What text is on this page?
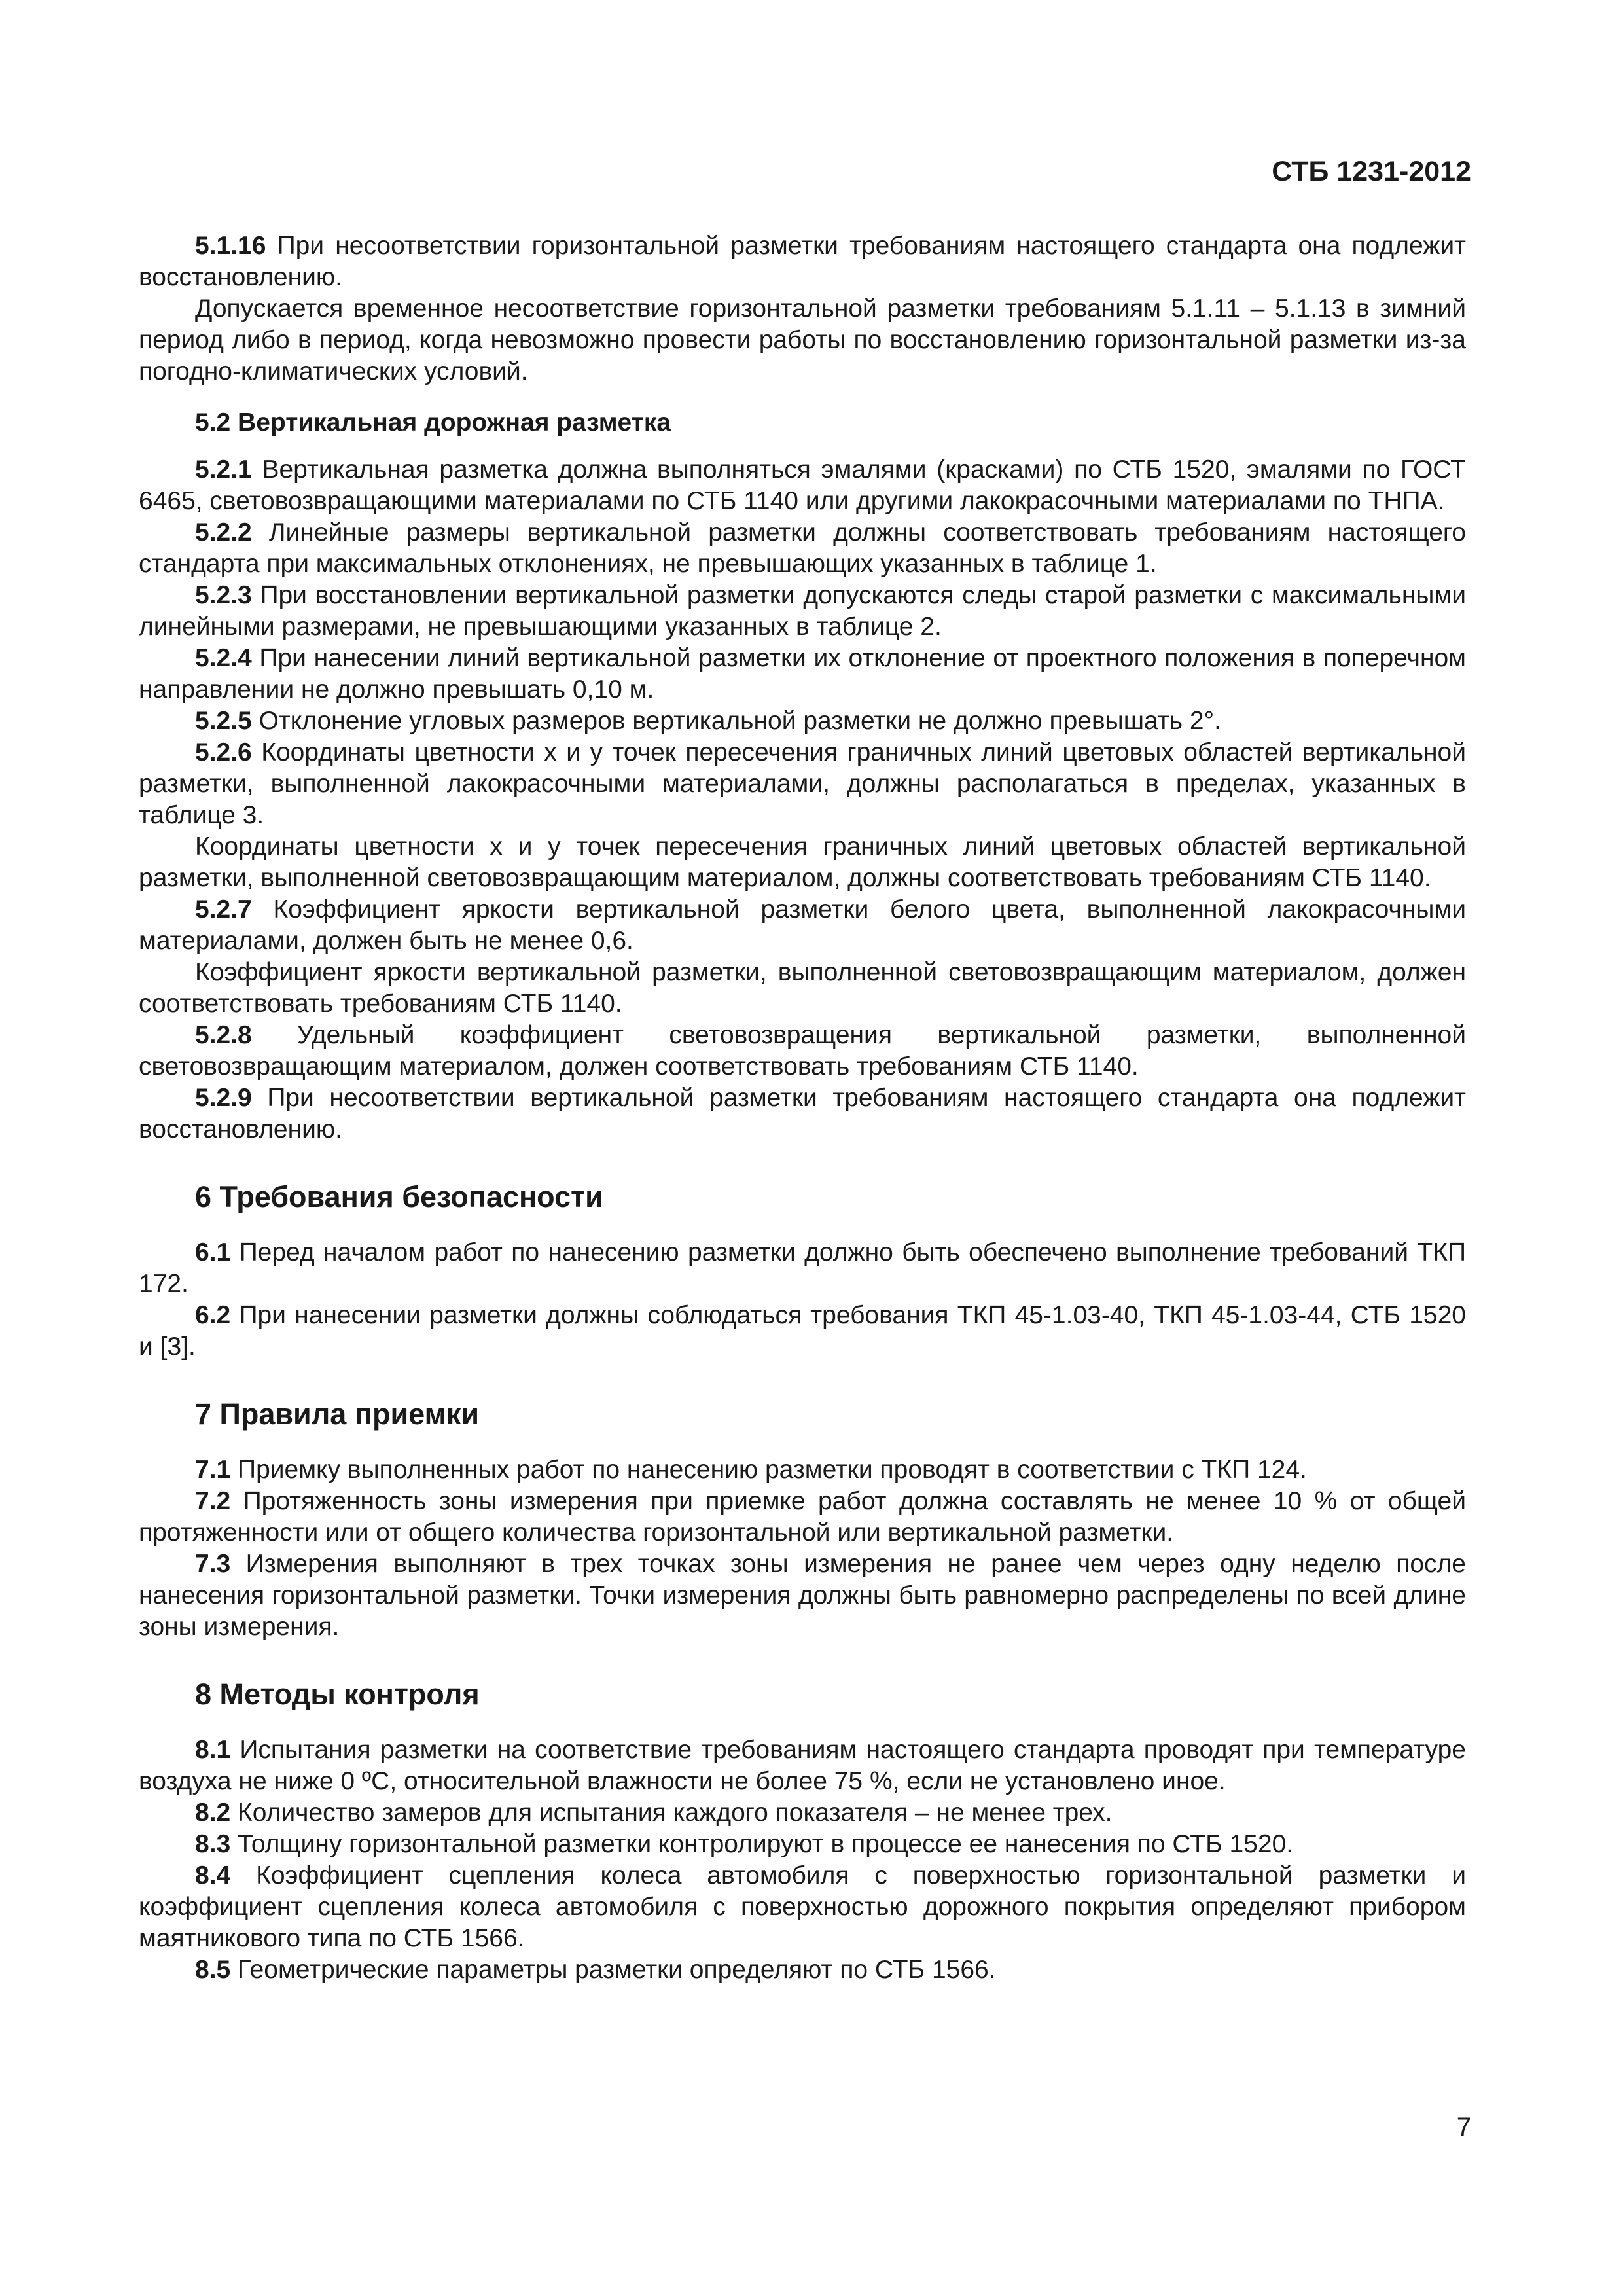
СТБ 1231-2012

5.1.16 При несоответствии горизонтальной разметки требованиям настоящего стандарта она подлежит восстановлению.

Допускается временное несоответствие горизонтальной разметки требованиям 5.1.11 – 5.1.13 в зимний период либо в период, когда невозможно провести работы по восстановлению горизонтальной разметки из-за погодно-климатических условий.

5.2 Вертикальная дорожная разметка

5.2.1 Вертикальная разметка должна выполняться эмалями (красками) по СТБ 1520, эмалями по ГОСТ 6465, световозвращающими материалами по СТБ 1140 или другими лакокрасочными материалами по ТНПА.

5.2.2 Линейные размеры вертикальной разметки должны соответствовать требованиям настоящего стандарта при максимальных отклонениях, не превышающих указанных в таблице 1.

5.2.3 При восстановлении вертикальной разметки допускаются следы старой разметки с максимальными линейными размерами, не превышающими указанных в таблице 2.

5.2.4 При нанесении линий вертикальной разметки их отклонение от проектного положения в поперечном направлении не должно превышать 0,10 м.

5.2.5 Отклонение угловых размеров вертикальной разметки не должно превышать 2°.

5.2.6 Координаты цветности x и y точек пересечения граничных линий цветовых областей вертикальной разметки, выполненной лакокрасочными материалами, должны располагаться в пределах, указанных в таблице 3.

Координаты цветности x и y точек пересечения граничных линий цветовых областей вертикальной разметки, выполненной световозвращающим материалом, должны соответствовать требованиям СТБ 1140.

5.2.7 Коэффициент яркости вертикальной разметки белого цвета, выполненной лакокрасочными материалами, должен быть не менее 0,6.

Коэффициент яркости вертикальной разметки, выполненной световозвращающим материалом, должен соответствовать требованиям СТБ 1140.

5.2.8 Удельный коэффициент световозвращения вертикальной разметки, выполненной световозвращающим материалом, должен соответствовать требованиям СТБ 1140.

5.2.9 При несоответствии вертикальной разметки требованиям настоящего стандарта она подлежит восстановлению.

6 Требования безопасности

6.1 Перед началом работ по нанесению разметки должно быть обеспечено выполнение требований ТКП 172.

6.2 При нанесении разметки должны соблюдаться требования ТКП 45-1.03-40, ТКП 45-1.03-44, СТБ 1520 и [3].

7 Правила приемки

7.1 Приемку выполненных работ по нанесению разметки проводят в соответствии с ТКП 124.

7.2 Протяженность зоны измерения при приемке работ должна составлять не менее 10 % от общей протяженности или от общего количества горизонтальной или вертикальной разметки.

7.3 Измерения выполняют в трех точках зоны измерения не ранее чем через одну неделю после нанесения горизонтальной разметки. Точки измерения должны быть равномерно распределены по всей длине зоны измерения.

8 Методы контроля

8.1 Испытания разметки на соответствие требованиям настоящего стандарта проводят при температуре воздуха не ниже 0 ºС, относительной влажности не более 75 %, если не установлено иное.

8.2 Количество замеров для испытания каждого показателя – не менее трех.

8.3 Толщину горизонтальной разметки контролируют в процессе ее нанесения по СТБ 1520.

8.4 Коэффициент сцепления колеса автомобиля с поверхностью горизонтальной разметки и коэффициент сцепления колеса автомобиля с поверхностью дорожного покрытия определяют прибором маятникового типа по СТБ 1566.

8.5 Геометрические параметры разметки определяют по СТБ 1566.

7
